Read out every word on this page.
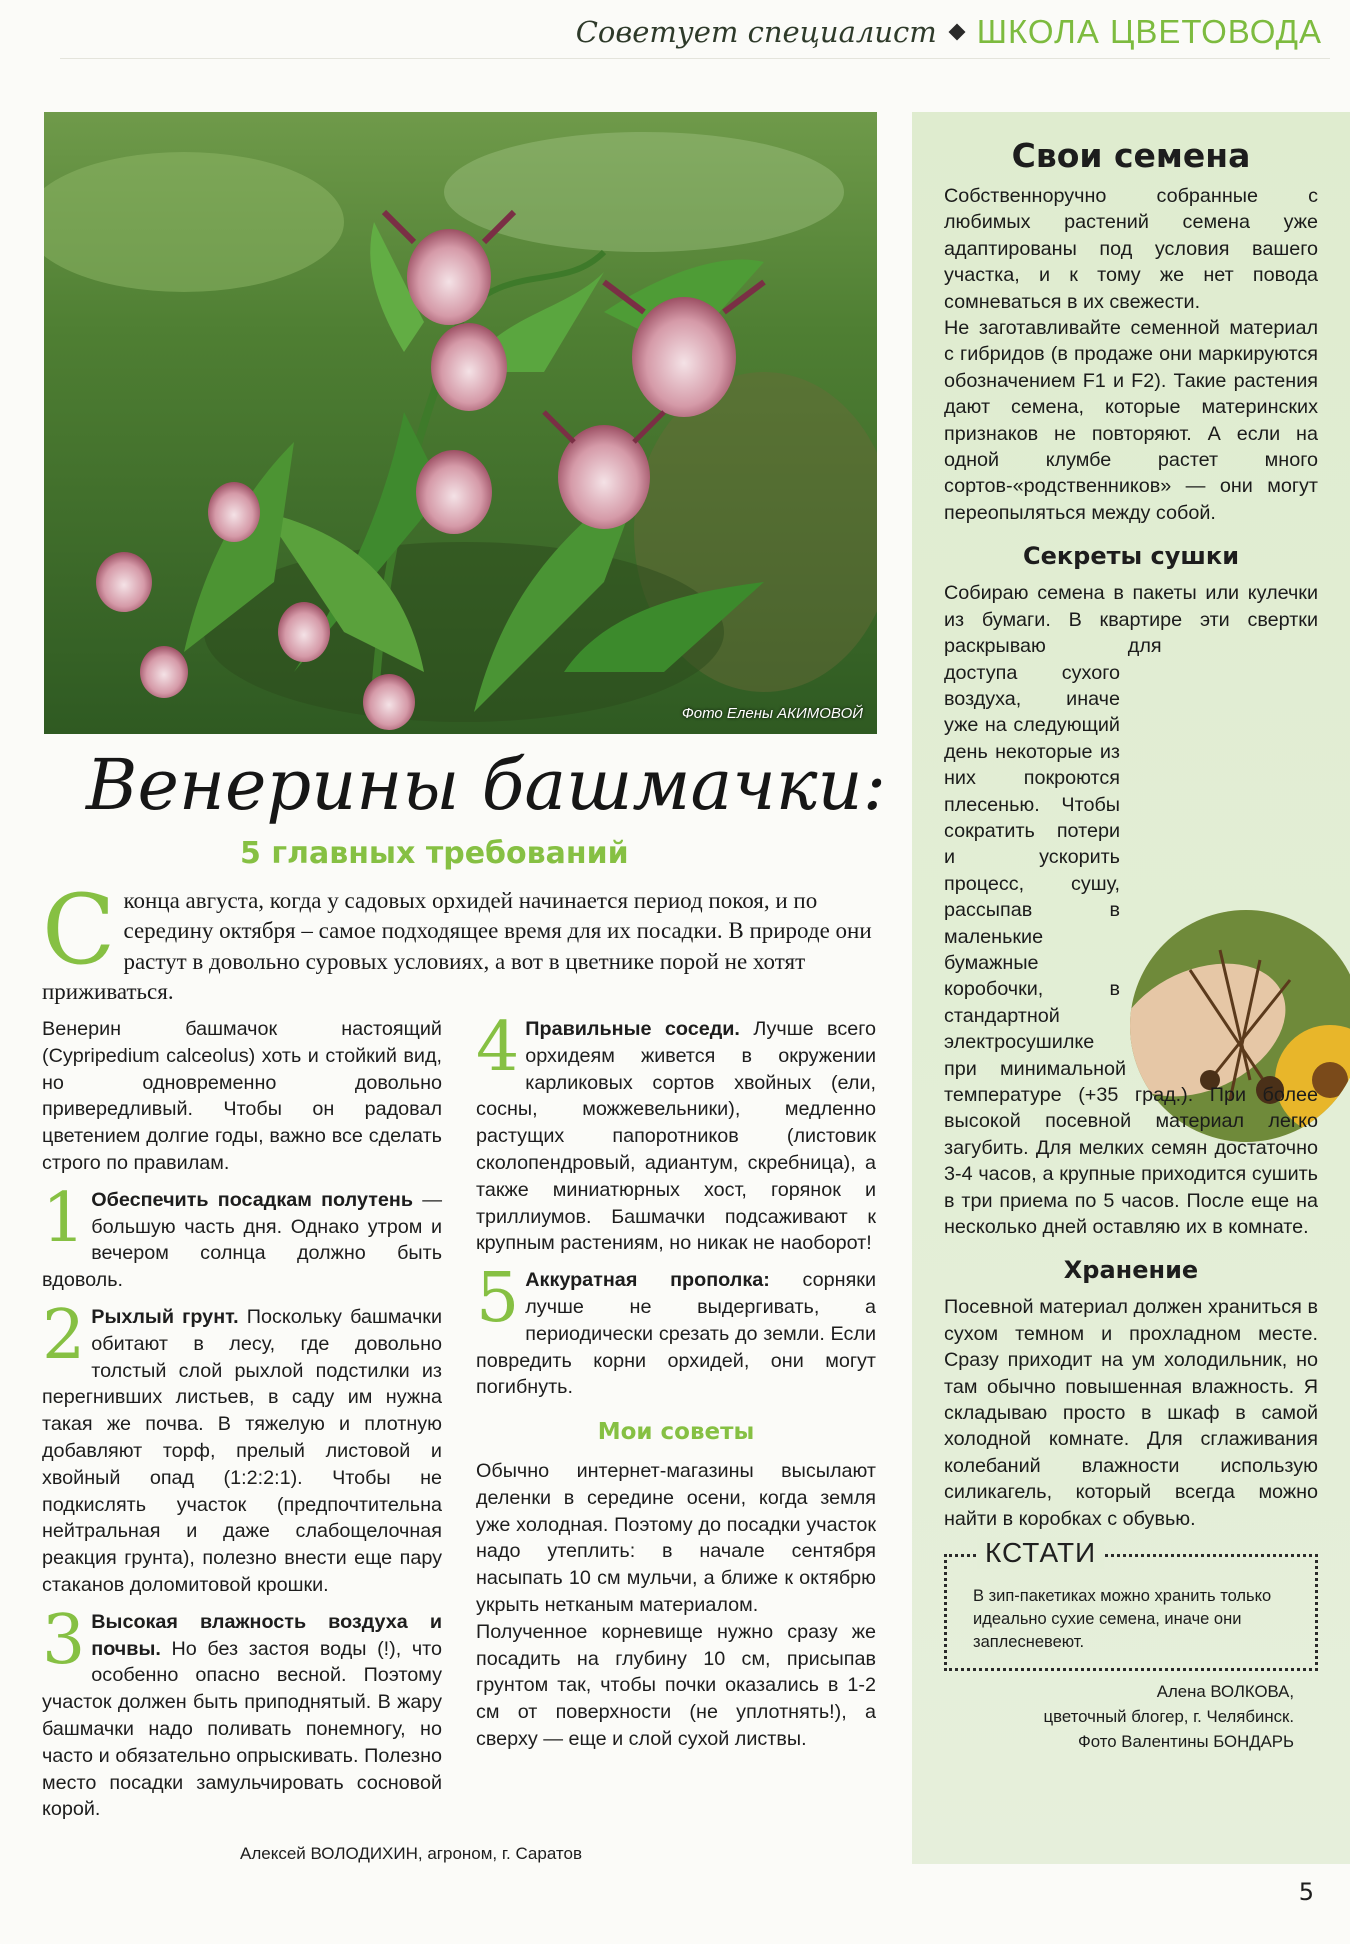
Советует специалист ШКОЛА ЦВЕТОВОДА
Фото Елены АКИМОВОЙ
Свои семена

Собственноручно собранные с любимых растений семена уже адаптированы под условия вашего участка, и к тому же нет повода сомневаться в их свежести.

Не заготавливайте семенной материал с гибридов (в продаже они маркируются обозначением F1 и F2). Такие растения дают семена, которые материнских признаков не повторяют. А если на одной клумбе растет много сортов-«родственников» — они могут переопыляться между собой.

Секреты сушки

Собираю семена в пакеты или кулечки из бумаги. В квартире эти свертки раскрываю для доступа сухого воздуха, иначе уже на следующий день некоторые из них покроются плесенью. Чтобы сократить потери и ускорить процесс, сушу, рассыпав в маленькие бумажные коробочки, в стандартной электросушилке при минимальной температуре (+35 град.). При более высокой посевной материал легко загубить. Для мелких семян достаточно 3-4 часов, а крупные приходится сушить в три приема по 5 часов. После еще на несколько дней оставляю их в комнате.

Хранение

Посевной материал должен храниться в сухом темном и прохладном месте. Сразу приходит на ум холодильник, но там обычно повышенная влажность. Я складываю просто в шкаф в самой холодной комнате. Для сглаживания колебаний влажности использую силикагель, который всегда можно найти в коробках с обувью.

КСТАТИ

В зип-пакетиках можно хранить только идеально сухие семена, иначе они заплесневеют.

Алена ВОЛКОВА,
цветочный блогер, г. Челябинск.
Фото Валентины БОНДАРЬ
Венерины башмачки:
5 главных требований
С конца августа, когда у садовых орхидей начинается период покоя, и по середину октября – самое подходящее время для их посадки. В природе они растут в довольно суровых условиях, а вот в цветнике порой не хотят приживаться.

Венерин башмачок настоящий (Cypripedium calceolus) хоть и стойкий вид, но одновременно довольно привередливый. Чтобы он радовал цветением долгие годы, важно все сделать строго по правилам.

1 Обеспечить посадкам полутень — большую часть дня. Однако утром и вечером солнца должно быть вдоволь.

2 Рыхлый грунт. Поскольку башмачки обитают в лесу, где довольно толстый слой рыхлой подстилки из перегнивших листьев, в саду им нужна такая же почва. В тяжелую и плотную добавляют торф, прелый листовой и хвойный опад (1:2:2:1). Чтобы не подкислять участок (предпочтительна нейтральная и даже слабощелочная реакция грунта), полезно внести еще пару стаканов доломитовой крошки.

3 Высокая влажность воздуха и почвы. Но без застоя воды (!), что особенно опасно весной. Поэтому участок должен быть приподнятый. В жару башмачки надо поливать понемногу, но часто и обязательно опрыскивать. Полезно место посадки замульчировать сосновой корой.

4 Правильные соседи. Лучше всего орхидеям живется в окружении карликовых сортов хвойных (ели, сосны, можжевельники), медленно растущих папоротников (листовик сколопендровый, адиантум, скребница), а также миниатюрных хост, горянок и триллиумов. Башмачки подсаживают к крупным растениям, но никак не наоборот!

5 Аккуратная прополка: сорняки лучше не выдергивать, а периодически срезать до земли. Если повредить корни орхидей, они могут погибнуть.

Мои советы

Обычно интернет-магазины высылают деленки в середине осени, когда земля уже холодная. Поэтому до посадки участок надо утеплить: в начале сентября насыпать 10 см мульчи, а ближе к октябрю укрыть нетканым материалом.

Полученное корневище нужно сразу же посадить на глубину 10 см, присыпав грунтом так, чтобы почки оказались в 1-2 см от поверхности (не уплотнять!), а сверху — еще и слой сухой листвы.

Алексей ВОЛОДИХИН, агроном, г. Саратов
5
